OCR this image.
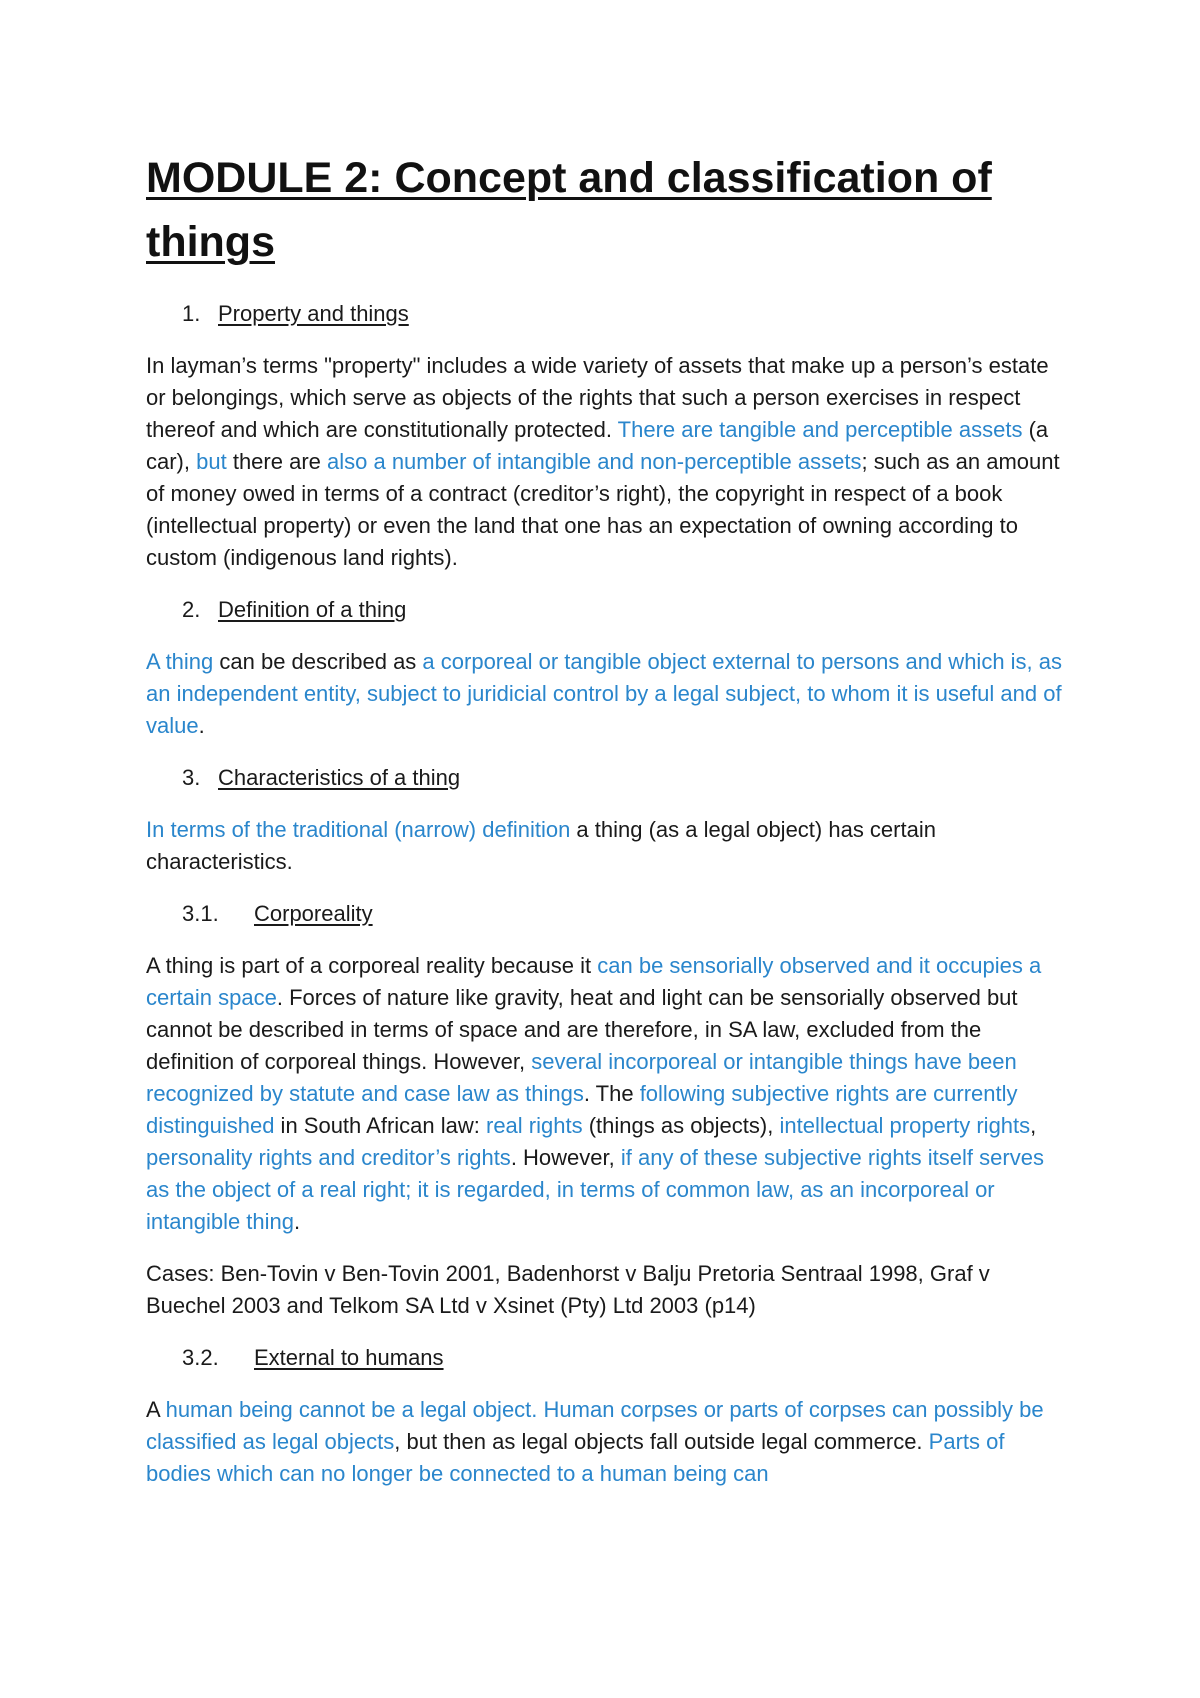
MODULE 2: Concept and classification of things
1. Property and things

In layman’s terms "property" includes a wide variety of assets that make up a person’s estate or belongings, which serve as objects of the rights that such a person exercises in respect thereof and which are constitutionally protected. There are tangible and perceptible assets (a car), but there are also a number of intangible and non-perceptible assets; such as an amount of money owed in terms of a contract (creditor’s right), the copyright in respect of a book (intellectual property) or even the land that one has an expectation of owning according to custom (indigenous land rights).

2. Definition of a thing

A thing can be described as a corporeal or tangible object external to persons and which is, as an independent entity, subject to juridicial control by a legal subject, to whom it is useful and of value.

3. Characteristics of a thing

In terms of the traditional (narrow) definition a thing (as a legal object) has certain characteristics.

3.1.	Corporeality

A thing is part of a corporeal reality because it can be sensorially observed and it occupies a certain space. Forces of nature like gravity, heat and light can be sensorially observed but cannot be described in terms of space and are therefore, in SA law, excluded from the definition of corporeal things. However, several incorporeal or intangible things have been recognized by statute and case law as things. The following subjective rights are currently distinguished in South African law: real rights (things as objects), intellectual property rights, personality rights and creditor’s rights. However, if any of these subjective rights itself serves as the object of a real right; it is regarded, in terms of common law, as an incorporeal or intangible thing.

Cases: Ben-Tovin v Ben-Tovin 2001, Badenhorst v Balju Pretoria Sentraal 1998, Graf v Buechel 2003 and Telkom SA Ltd v Xsinet (Pty) Ltd 2003 (p14)

3.2.	External to humans

A human being cannot be a legal object. Human corpses or parts of corpses can possibly be classified as legal objects, but then as legal objects fall outside legal commerce. Parts of bodies which can no longer be connected to a human being can
